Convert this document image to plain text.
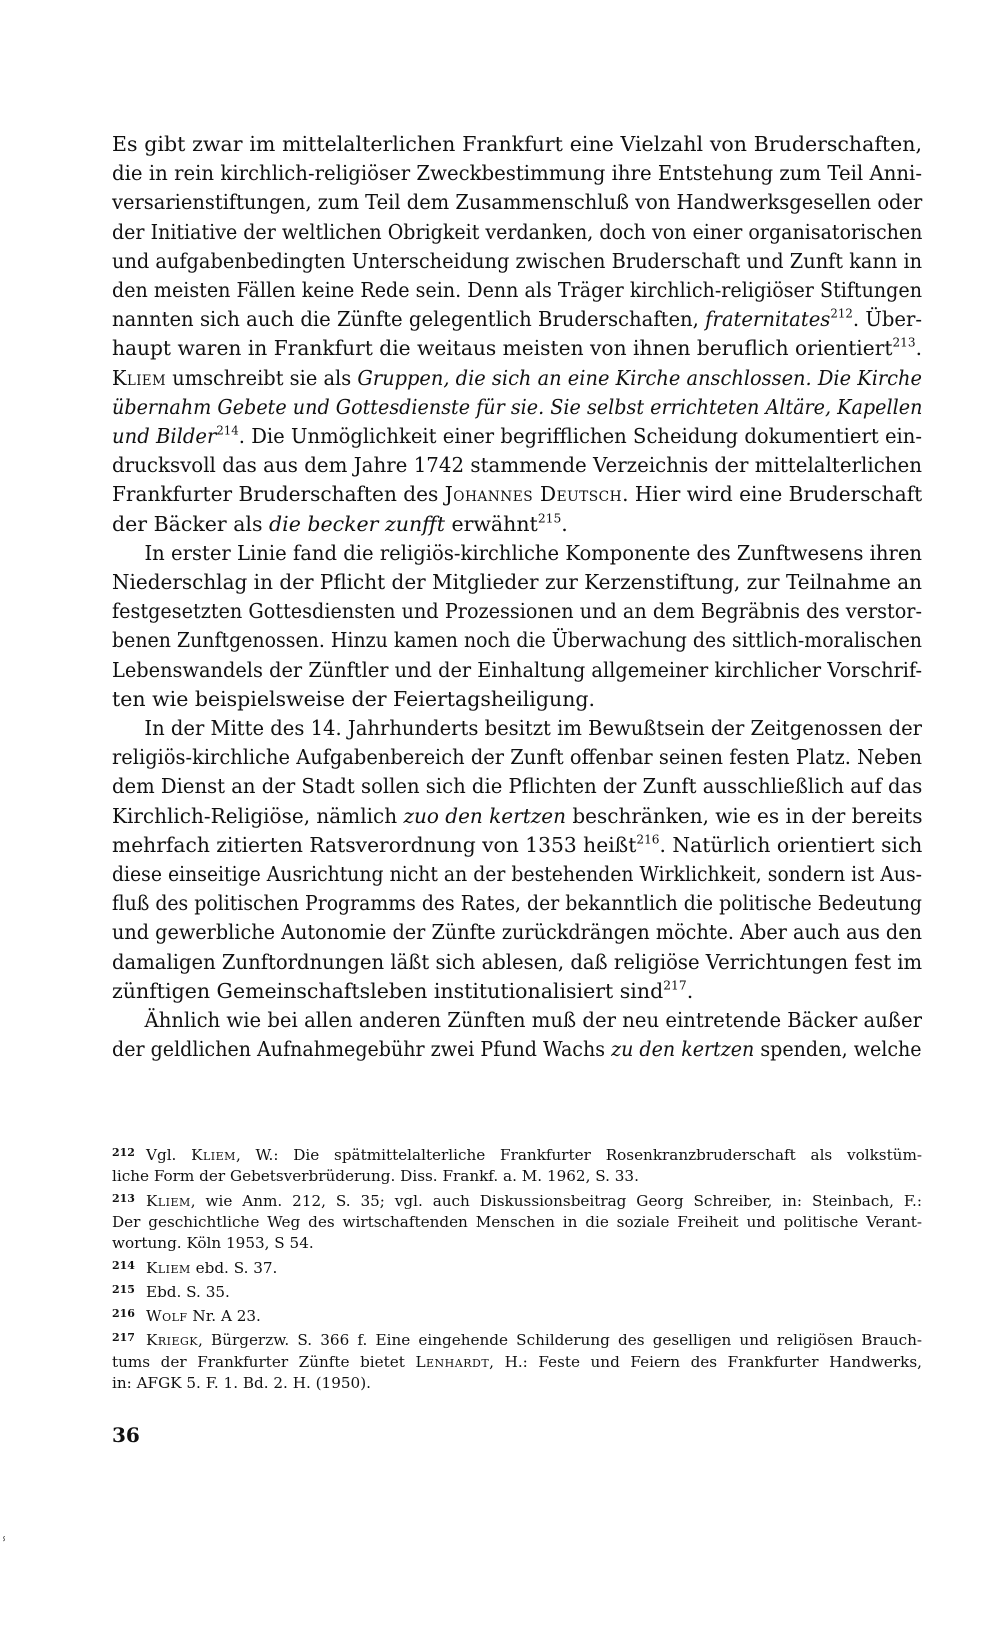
Es gibt zwar im mittelalterlichen Frankfurt eine Vielzahl von Bruderschaften,
die in rein kirchlich-religiöser Zweckbestimmung ihre Entstehung zum Teil Anni-
versarienstiftungen, zum Teil dem Zusammenschluß von Handwerksgesellen oder
der Initiative der weltlichen Obrigkeit verdanken, doch von einer organisatorischen
und aufgabenbedingten Unterscheidung zwischen Bruderschaft und Zunft kann in
den meisten Fällen keine Rede sein. Denn als Träger kirchlich-religiöser Stiftungen
nannten sich auch die Zünfte gelegentlich Bruderschaften, fraternitates$^{212}$. Über-
haupt waren in Frankfurt die weitaus meisten von ihnen beruflich orientiert$^{213}$.
Kliem umschreibt sie als Gruppen, die sich an eine Kirche anschlossen. Die Kirche
übernahm Gebete und Gottesdienste für sie. Sie selbst errichteten Altäre, Kapellen
und Bilder$^{214}$. Die Unmöglichkeit einer begrifflichen Scheidung dokumentiert ein-
drucksvoll das aus dem Jahre 1742 stammende Verzeichnis der mittelalterlichen
Frankfurter Bruderschaften des Johannes Deutsch. Hier wird eine Bruderschaft
der Bäcker als die becker zunfft erwähnt$^{215}$.
In erster Linie fand die religiös-kirchliche Komponente des Zunftwesens ihren
Niederschlag in der Pflicht der Mitglieder zur Kerzenstiftung, zur Teilnahme an
festgesetzten Gottesdiensten und Prozessionen und an dem Begräbnis des verstor-
benen Zunftgenossen. Hinzu kamen noch die Überwachung des sittlich-moralischen
Lebenswandels der Zünftler und der Einhaltung allgemeiner kirchlicher Vorschrif-
ten wie beispielsweise der Feiertagsheiligung.
In der Mitte des 14. Jahrhunderts besitzt im Bewußtsein der Zeitgenossen der
religiös-kirchliche Aufgabenbereich der Zunft offenbar seinen festen Platz. Neben
dem Dienst an der Stadt sollen sich die Pflichten der Zunft ausschließlich auf das
Kirchlich-Religiöse, nämlich zuo den kertzen beschränken, wie es in der bereits
mehrfach zitierten Ratsverordnung von 1353 heißt$^{216}$. Natürlich orientiert sich
diese einseitige Ausrichtung nicht an der bestehenden Wirklichkeit, sondern ist Aus-
fluß des politischen Programms des Rates, der bekanntlich die politische Bedeutung
und gewerbliche Autonomie der Zünfte zurückdrängen möchte. Aber auch aus den
damaligen Zunftordnungen läßt sich ablesen, daß religiöse Verrichtungen fest im
zünftigen Gemeinschaftsleben institutionalisiert sind$^{217}$.
Ähnlich wie bei allen anderen Zünften muß der neu eintretende Bäcker außer
der geldlichen Aufnahmegebühr zwei Pfund Wachs zu den kertzen spenden, welche
212 Vgl. Kliem, W.: Die spätmittelalterliche Frankfurter Rosenkranzbruderschaft als volkstüm-
liche Form der Gebetsverbrüderung. Diss. Frankf. a. M. 1962, S. 33.
213 Kliem, wie Anm. 212, S. 35; vgl. auch Diskussionsbeitrag Georg Schreiber, in: Steinbach, F.:
Der geschichtliche Weg des wirtschaftenden Menschen in die soziale Freiheit und politische Verant-
wortung. Köln 1953, S 54.
214 Kliem ebd. S. 37.
215 Ebd. S. 35.
216 Wolf Nr. A 23.
217 Kriegk, Bürgerzw. S. 366 f. Eine eingehende Schilderung des geselligen und religiösen Brauch-
tums der Frankfurter Zünfte bietet Lenhardt, H.: Feste und Feiern des Frankfurter Handwerks,
in: AFGK 5. F. 1. Bd. 2. H. (1950).
36
ⸯ
